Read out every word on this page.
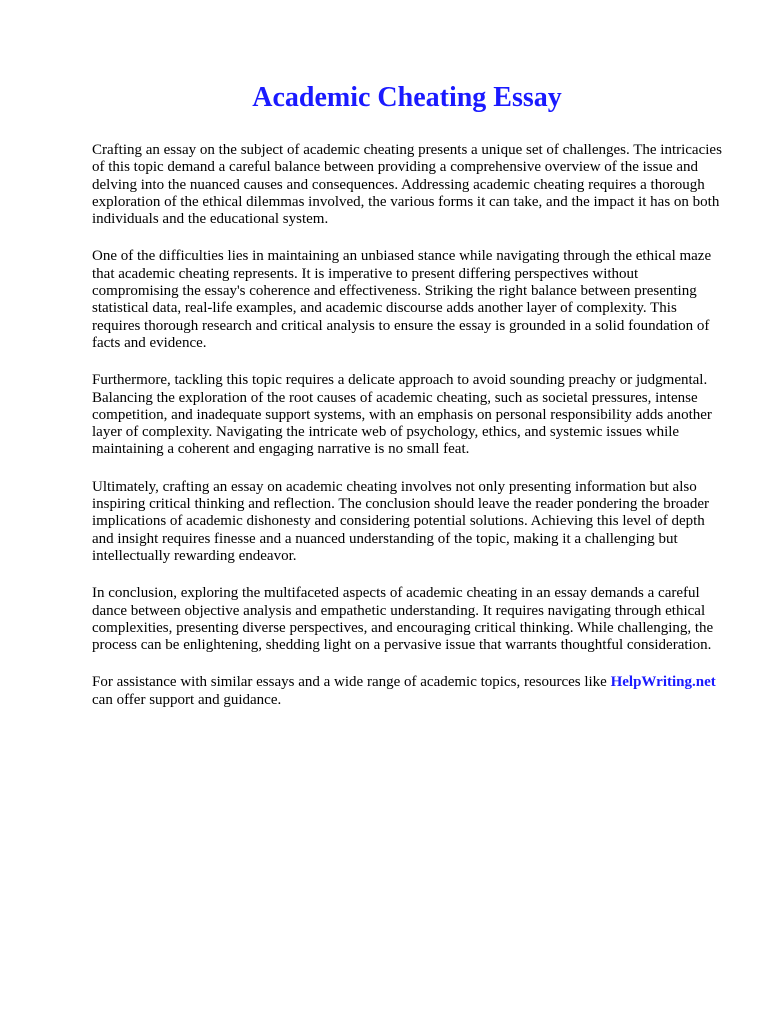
Academic Cheating Essay

Crafting an essay on the subject of academic cheating presents a unique set of challenges. The intricacies of this topic demand a careful balance between providing a comprehensive overview of the issue and delving into the nuanced causes and consequences. Addressing academic cheating requires a thorough exploration of the ethical dilemmas involved, the various forms it can take, and the impact it has on both individuals and the educational system.

One of the difficulties lies in maintaining an unbiased stance while navigating through the ethical maze that academic cheating represents. It is imperative to present differing perspectives without compromising the essay's coherence and effectiveness. Striking the right balance between presenting statistical data, real-life examples, and academic discourse adds another layer of complexity. This requires thorough research and critical analysis to ensure the essay is grounded in a solid foundation of facts and evidence.

Furthermore, tackling this topic requires a delicate approach to avoid sounding preachy or judgmental. Balancing the exploration of the root causes of academic cheating, such as societal pressures, intense competition, and inadequate support systems, with an emphasis on personal responsibility adds another layer of complexity. Navigating the intricate web of psychology, ethics, and systemic issues while maintaining a coherent and engaging narrative is no small feat.

Ultimately, crafting an essay on academic cheating involves not only presenting information but also inspiring critical thinking and reflection. The conclusion should leave the reader pondering the broader implications of academic dishonesty and considering potential solutions. Achieving this level of depth and insight requires finesse and a nuanced understanding of the topic, making it a challenging but intellectually rewarding endeavor.

In conclusion, exploring the multifaceted aspects of academic cheating in an essay demands a careful dance between objective analysis and empathetic understanding. It requires navigating through ethical complexities, presenting diverse perspectives, and encouraging critical thinking. While challenging, the process can be enlightening, shedding light on a pervasive issue that warrants thoughtful consideration.

For assistance with similar essays and a wide range of academic topics, resources like HelpWriting.net can offer support and guidance.
